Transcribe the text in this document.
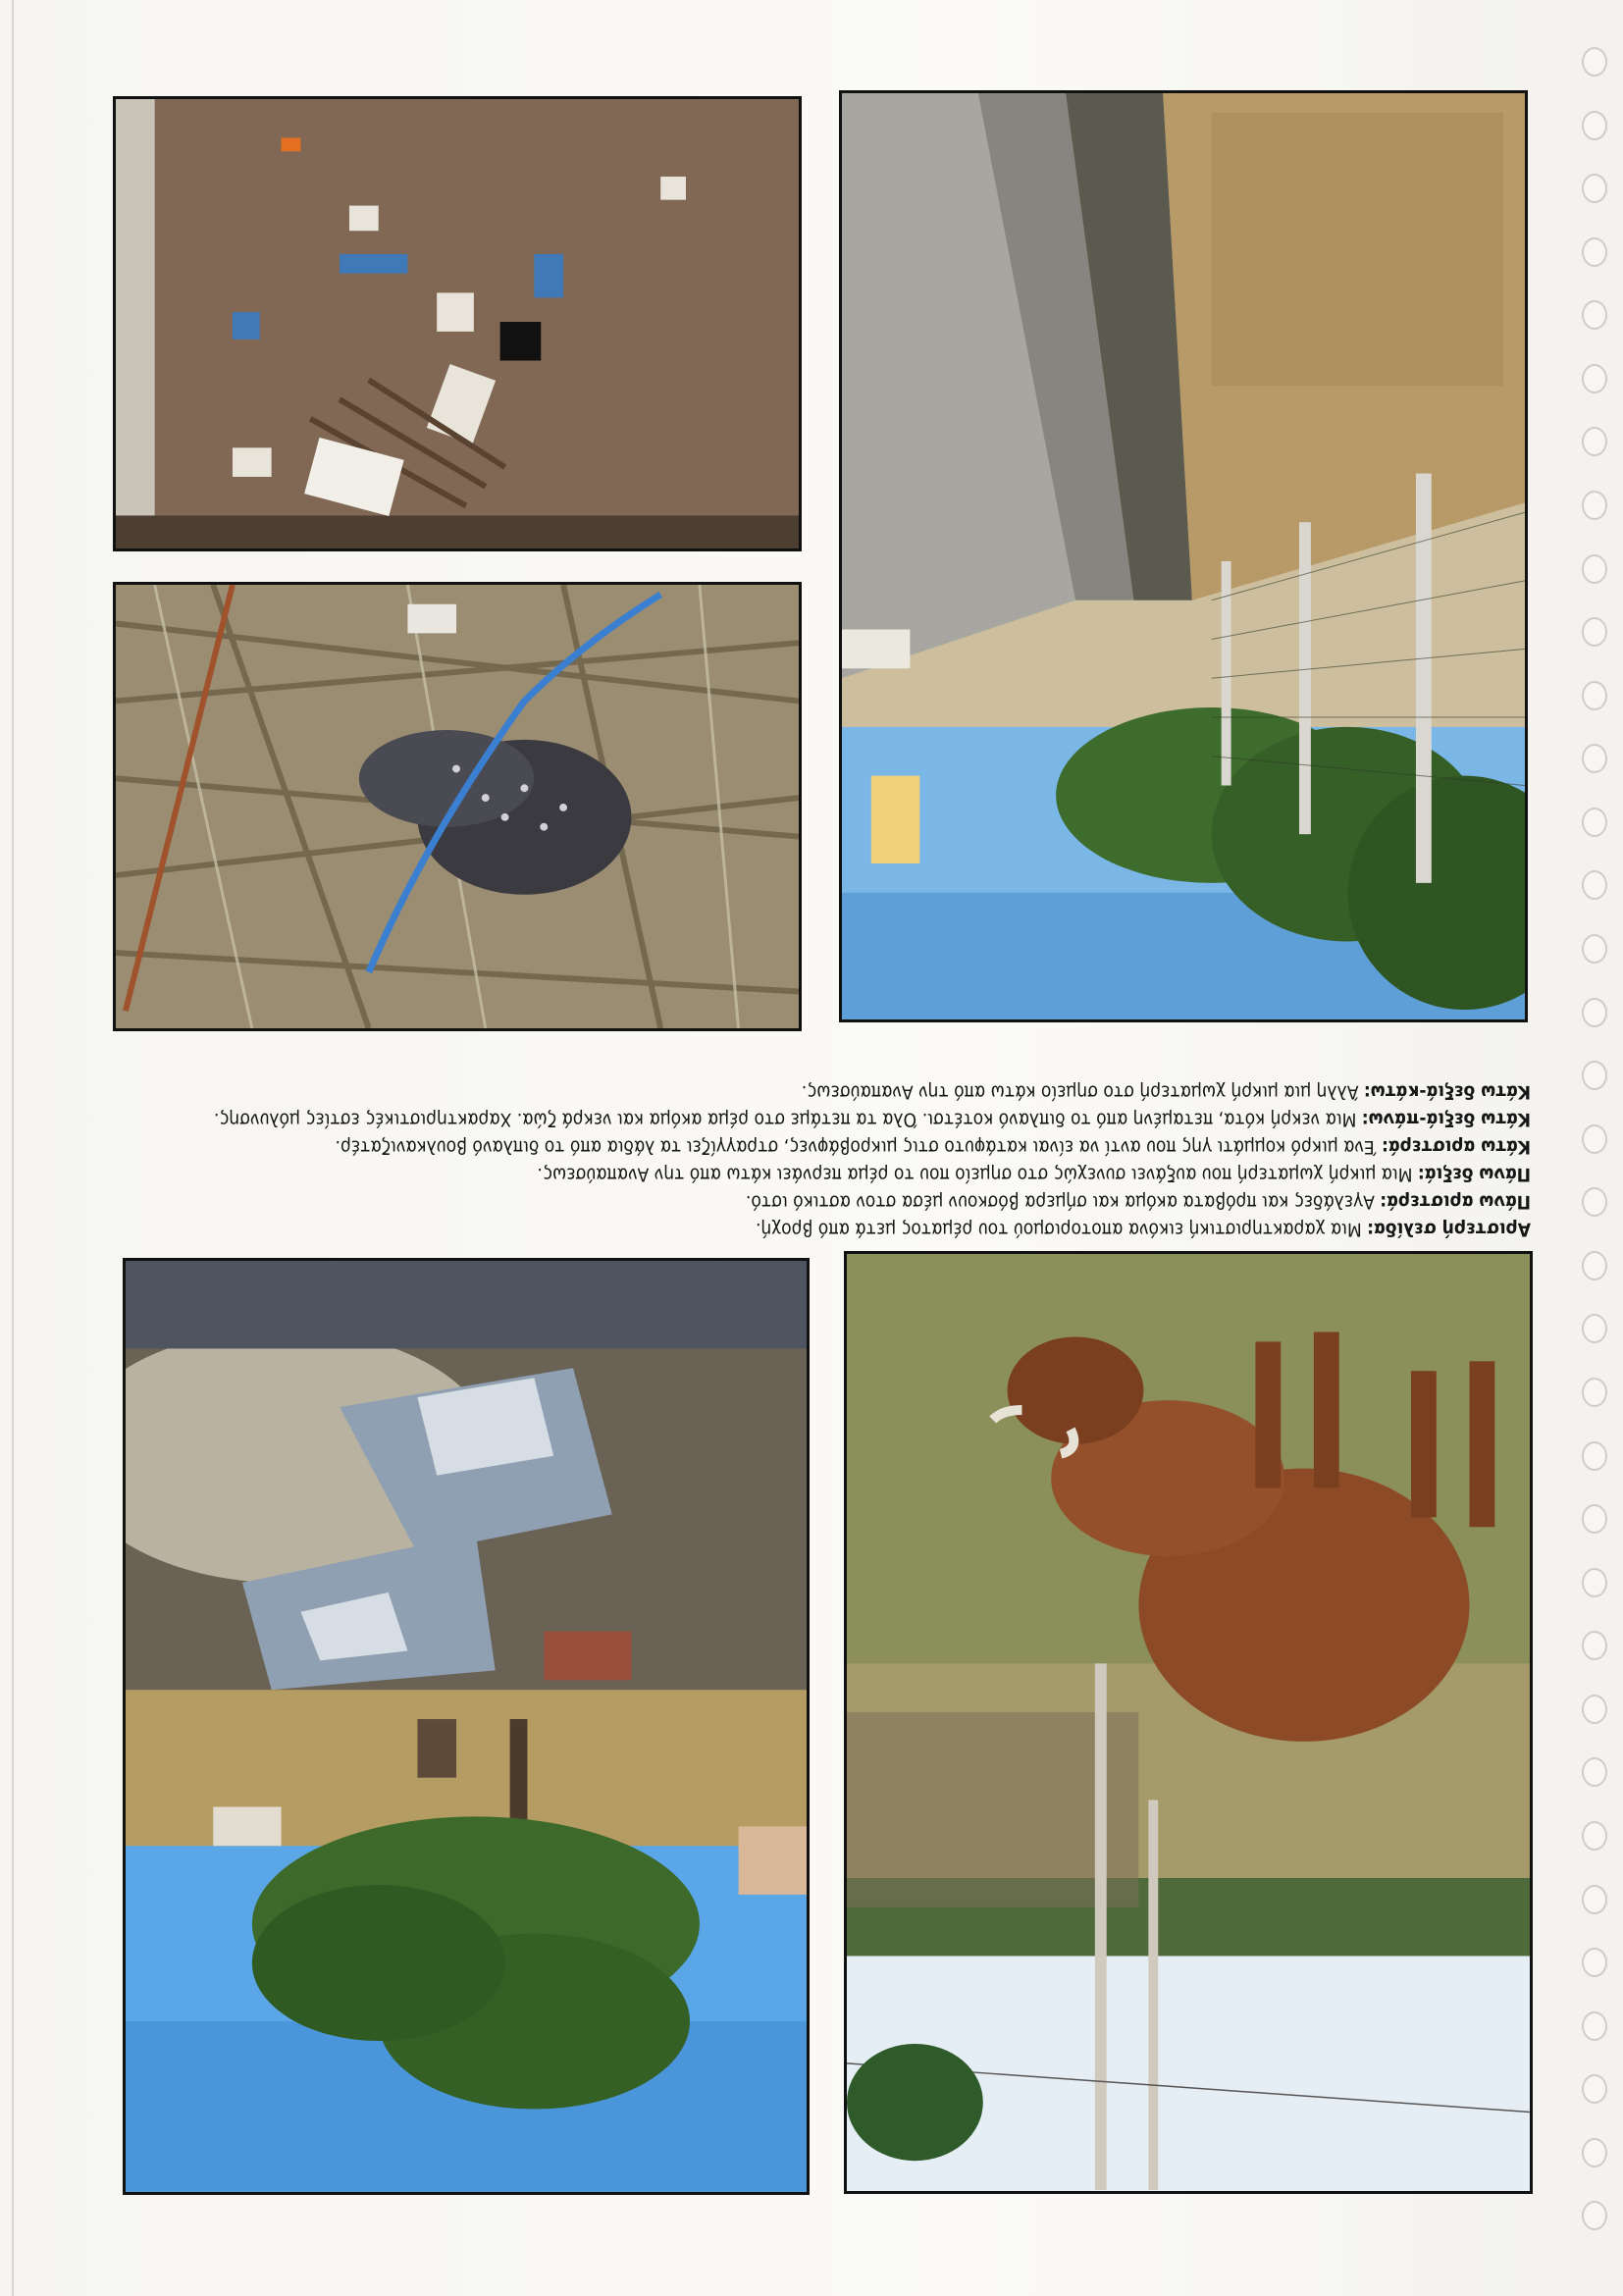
Αριστερή σελίδα: Μια χαρακτηριστική εικόνα αποτορισμού του ρέματος μετά από βροχή.

Πάνω αριστερά: Αγελάδες και πρόβατα ακόμα και σήμερα βόσκουν μέσα στον αστικό ιστό.

Πάνω δεξιά: Μια μικρή χωματερή που αυξάνει συνεχώς στο σημείο που το ρέμα περνάει κάτω από την Αναπαύσεως.

Κάτω αριστερά: Ένα μικρό κομμάτι γης που αντί να είναι κατάφυτο στις μικροβάφνες, στραγγίζει τα λάδια από το διπλανό βουλκανιζατέρ.

Κάτω δεξιά-πάνω: Μια νεκρή κότα, πεταμένη από το διπλανό κοτέτσι. Όλα τα πετάμε στο ρέμα ακόμα και νεκρά ζώα. Χαρακτηριστικές εστίες μόλυνσης.

Κάτω δεξιά-κάτω: Άλλη μια μικρή χωματερή στο σημείο κάτω από την Αναπαύσεως.
